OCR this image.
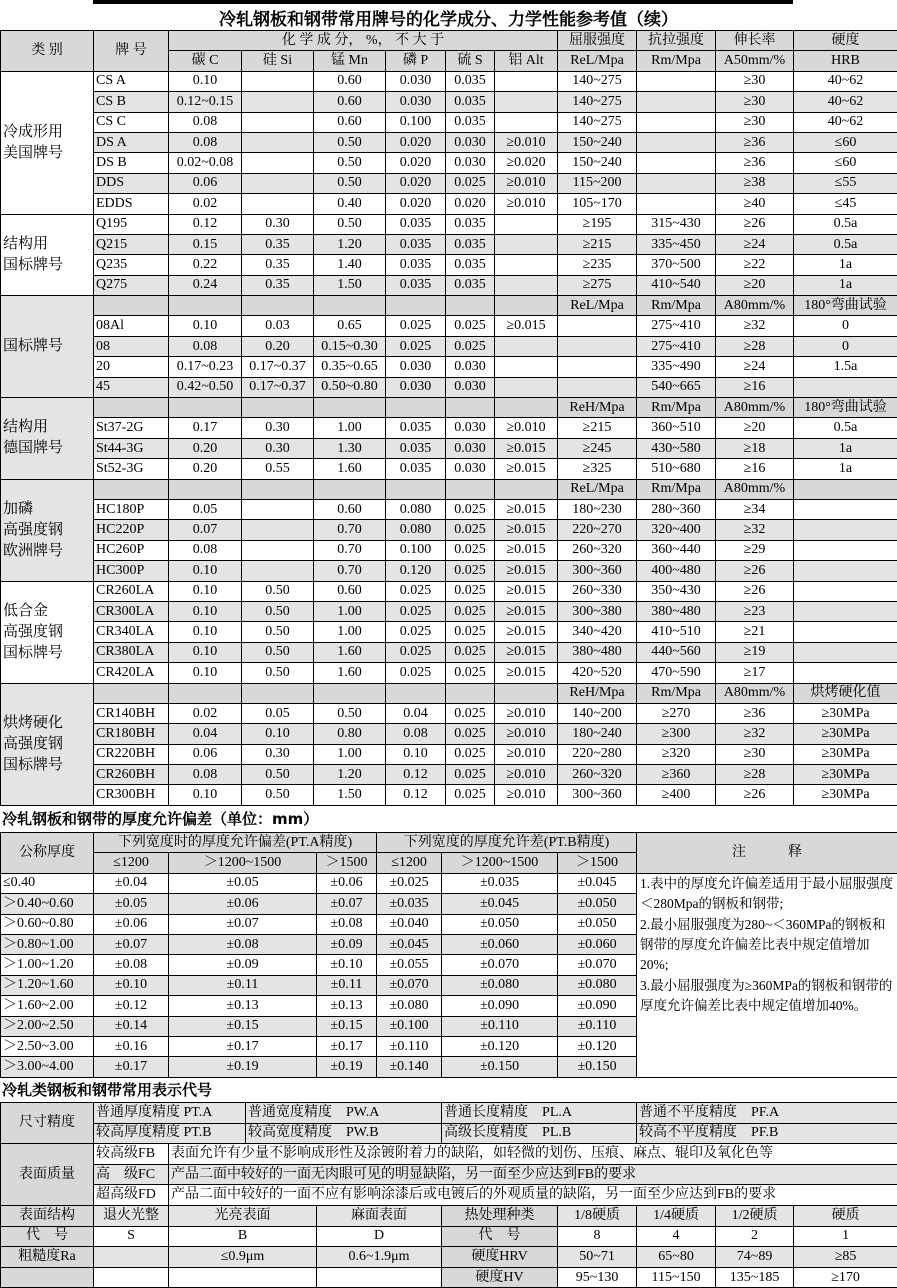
冷轧钢板和钢带常用牌号的化学成分、力学性能参考值（续）
类 别	牌 号	化 学 成 分， %， 不 大 于						屈服强度	抗拉强度	伸长率	硬度
		碳 C	硅 Si	锰 Mn	磷 P	硫 S	铝 Alt	ReL/Mpa	Rm/Mpa	A50mm/%	HRB
冷成形用
美国牌号	CS A	0.10		0.60	0.030	0.035		140~275		≥30	40~62
	CS B	0.12~0.15		0.60	0.030	0.035		140~275		≥30	40~62
	CS C	0.08		0.60	0.100	0.035		140~275		≥30	40~62
	DS A	0.08		0.50	0.020	0.030	≥0.010	150~240		≥36	≤60
	DS B	0.02~0.08		0.50	0.020	0.030	≥0.020	150~240		≥36	≤60
	DDS	0.06		0.50	0.020	0.025	≥0.010	115~200		≥38	≤55
	EDDS	0.02		0.40	0.020	0.020	≥0.010	105~170		≥40	≤45
结构用
国标牌号	Q195	0.12	0.30	0.50	0.035	0.035		≥195	315~430	≥26	0.5a
	Q215	0.15	0.35	1.20	0.035	0.035		≥215	335~450	≥24	0.5a
	Q235	0.22	0.35	1.40	0.035	0.035		≥235	370~500	≥22	1a
	Q275	0.24	0.35	1.50	0.035	0.035		≥275	410~540	≥20	1a
国标牌号								ReL/Mpa	Rm/Mpa	A80mm/%	180°弯曲试验
	08Al	0.10	0.03	0.65	0.025	0.025	≥0.015		275~410	≥32	0
	08	0.08	0.20	0.15~0.30	0.025	0.025			275~410	≥28	0
	20	0.17~0.23	0.17~0.37	0.35~0.65	0.030	0.030			335~490	≥24	1.5a
	45	0.42~0.50	0.17~0.37	0.50~0.80	0.030	0.030			540~665	≥16	
结构用
德国牌号								ReH/Mpa	Rm/Mpa	A80mm/%	180°弯曲试验
	St37-2G	0.17	0.30	1.00	0.035	0.030	≥0.010	≥215	360~510	≥20	0.5a
	St44-3G	0.20	0.30	1.30	0.035	0.030	≥0.015	≥245	430~580	≥18	1a
	St52-3G	0.20	0.55	1.60	0.035	0.030	≥0.015	≥325	510~680	≥16	1a
加磷
高强度钢
欧洲牌号								ReL/Mpa	Rm/Mpa	A80mm/%	
	HC180P	0.05		0.60	0.080	0.025	≥0.015	180~230	280~360	≥34	
	HC220P	0.07		0.70	0.080	0.025	≥0.015	220~270	320~400	≥32	
	HC260P	0.08		0.70	0.100	0.025	≥0.015	260~320	360~440	≥29	
	HC300P	0.10		0.70	0.120	0.025	≥0.015	300~360	400~480	≥26	
低合金
高强度钢
国标牌号	CR260LA	0.10	0.50	0.60	0.025	0.025	≥0.015	260~330	350~430	≥26	
	CR300LA	0.10	0.50	1.00	0.025	0.025	≥0.015	300~380	380~480	≥23	
	CR340LA	0.10	0.50	1.00	0.025	0.025	≥0.015	340~420	410~510	≥21	
	CR380LA	0.10	0.50	1.60	0.025	0.025	≥0.015	380~480	440~560	≥19	
	CR420LA	0.10	0.50	1.60	0.025	0.025	≥0.015	420~520	470~590	≥17	
烘烤硬化
高强度钢
国标牌号								ReH/Mpa	Rm/Mpa	A80mm/%	烘烤硬化值
	CR140BH	0.02	0.05	0.50	0.04	0.025	≥0.010	140~200	≥270	≥36	≥30MPa
	CR180BH	0.04	0.10	0.80	0.08	0.025	≥0.010	180~240	≥300	≥32	≥30MPa
	CR220BH	0.06	0.30	1.00	0.10	0.025	≥0.010	220~280	≥320	≥30	≥30MPa
	CR260BH	0.08	0.50	1.20	0.12	0.025	≥0.010	260~320	≥360	≥28	≥30MPa
	CR300BH	0.10	0.50	1.50	0.12	0.025	≥0.010	300~360	≥400	≥26	≥30MPa
冷轧钢板和钢带的厚度允许偏差（单位：mm）
公称厚度	下列宽度时的厚度允许偏差(PT.A精度)			下列宽度的厚度允许差(PT.B精度)			注　　　释
	≤1200	＞1200~1500	＞1500	≤1200	＞1200~1500	＞1500	
≤0.40	±0.04	±0.05	±0.06	±0.025	±0.035	±0.045	1.表中的厚度允许偏差适用于最小屈服强度＜280Mpa的钢板和钢带;
2.最小屈服强度为280~＜360MPa的钢板和钢带的厚度允许偏差比表中规定值增加20%;
3.最小屈服强度为≥360MPa的钢板和钢带的厚度允许偏差比表中规定值增加40%。
＞0.40~0.60	±0.05	±0.06	±0.07	±0.035	±0.045	±0.050	
＞0.60~0.80	±0.06	±0.07	±0.08	±0.040	±0.050	±0.050	
＞0.80~1.00	±0.07	±0.08	±0.09	±0.045	±0.060	±0.060	
＞1.00~1.20	±0.08	±0.09	±0.10	±0.055	±0.070	±0.070	
＞1.20~1.60	±0.10	±0.11	±0.11	±0.070	±0.080	±0.080	
＞1.60~2.00	±0.12	±0.13	±0.13	±0.080	±0.090	±0.090	
＞2.00~2.50	±0.14	±0.15	±0.15	±0.100	±0.110	±0.110	
＞2.50~3.00	±0.16	±0.17	±0.17	±0.110	±0.120	±0.120	
＞3.00~4.00	±0.17	±0.19	±0.19	±0.140	±0.150	±0.150	
冷轧类钢板和钢带常用表示代号
尺寸精度	普通厚度精度 PT.A		普通宽度精度　PW.A		普通长度精度　PL.A		普通不平度精度　PF.A		
	较高厚度精度 PT.B		较高宽度精度　PW.B		高级长度精度　PL.B		较高不平度精度　PF.B		
表面质量	较高级FB	表面允许有少量不影响成形性及涂镀附着力的缺陷，如轻微的划伤、压痕、麻点、辊印及氧化色等							
	高　级FC	产品二面中较好的一面无肉眼可见的明显缺陷，另一面至少应达到FB的要求							
	超高级FD	产品二面中较好的一面不应有影响涂漆后或电镀后的外观质量的缺陷，另一面至少应达到FB的要求							
表面结构	退火光整	光亮表面		麻面表面	热处理种类	1/8硬质	1/4硬质	1/2硬质	硬质
代　号	S	B		D	代　号	8	4	2	1
粗糙度Ra		≤0.9μm		0.6~1.9μm	硬度HRV	50~71	65~80	74~89	≥85
					硬度HV	95~130	115~150	135~185	≥170
